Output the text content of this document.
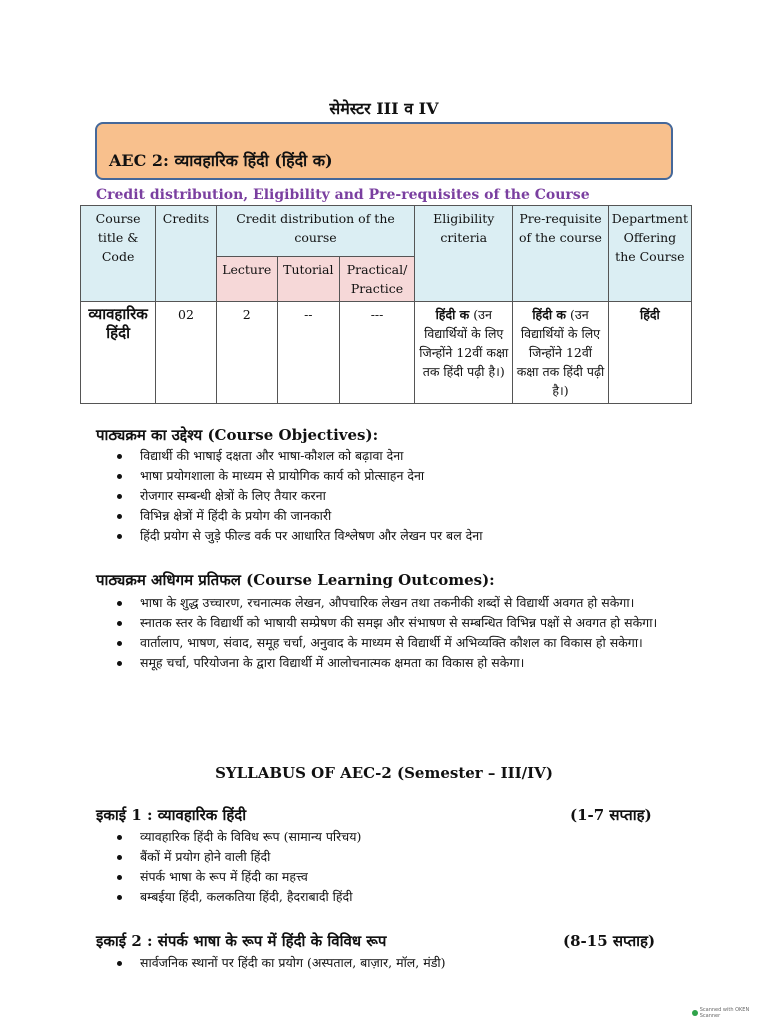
सेमेस्टर III व IV
AEC 2: व्यावहारिक हिंदी (हिंदी क)
Credit distribution, Eligibility and Pre-requisites of the Course
Course title & Code	Credits	Credit distribution of the course			Eligibility criteria	Pre-requisite of the course	Department Offering the Course
		Lecture	Tutorial	Practical/ Practice			
व्यावहारिक हिंदी	02	2	--	---	हिंदी क (उन विद्यार्थियों के लिए जिन्होंने 12वीं कक्षा तक हिंदी पढ़ी है।)	हिंदी क (उन विद्यार्थियों के लिए जिन्होंने 12वीं कक्षा तक हिंदी पढ़ी है।)	हिंदी
पाठ्यक्रम का उद्देश्य (Course Objectives):
विद्यार्थी की भाषाई दक्षता और भाषा-कौशल को बढ़ावा देना
भाषा प्रयोगशाला के माध्यम से प्रायोगिक कार्य को प्रोत्साहन देना
रोजगार सम्बन्धी क्षेत्रों के लिए तैयार करना
विभिन्न क्षेत्रों में हिंदी के प्रयोग की जानकारी
हिंदी प्रयोग से जुड़े फील्ड वर्क पर आधारित विश्लेषण और लेखन पर बल देना
पाठ्यक्रम अधिगम प्रतिफल (Course Learning Outcomes):
भाषा के शुद्ध उच्चारण, रचनात्मक लेखन, औपचारिक लेखन तथा तकनीकी शब्दों से विद्यार्थी अवगत हो सकेगा।
स्नातक स्तर के विद्यार्थी को भाषायी सम्प्रेषण की समझ और संभाषण से सम्बन्धित विभिन्न पक्षों से अवगत हो सकेगा।
वार्तालाप, भाषण, संवाद, समूह चर्चा, अनुवाद के माध्यम से विद्यार्थी में अभिव्यक्ति कौशल का विकास हो सकेगा।
समूह चर्चा, परियोजना के द्वारा विद्यार्थी में आलोचनात्मक क्षमता का विकास हो सकेगा।
SYLLABUS OF AEC-2 (Semester – III/IV)
इकाई 1 : व्यावहारिक हिंदी	(1-7 सप्ताह)
व्यावहारिक हिंदी के विविध रूप (सामान्य परिचय)
बैंकों में प्रयोग होने वाली हिंदी
संपर्क भाषा के रूप में हिंदी का महत्त्व
बम्बईया हिंदी, कलकतिया हिंदी, हैदराबादी हिंदी
इकाई 2 : संपर्क भाषा के रूप में हिंदी के विविध रूप	(8-15 सप्ताह)
सार्वजनिक स्थानों पर हिंदी का प्रयोग (अस्पताल, बाज़ार, मॉल, मंडी)
Scanned with OKEN Scanner
